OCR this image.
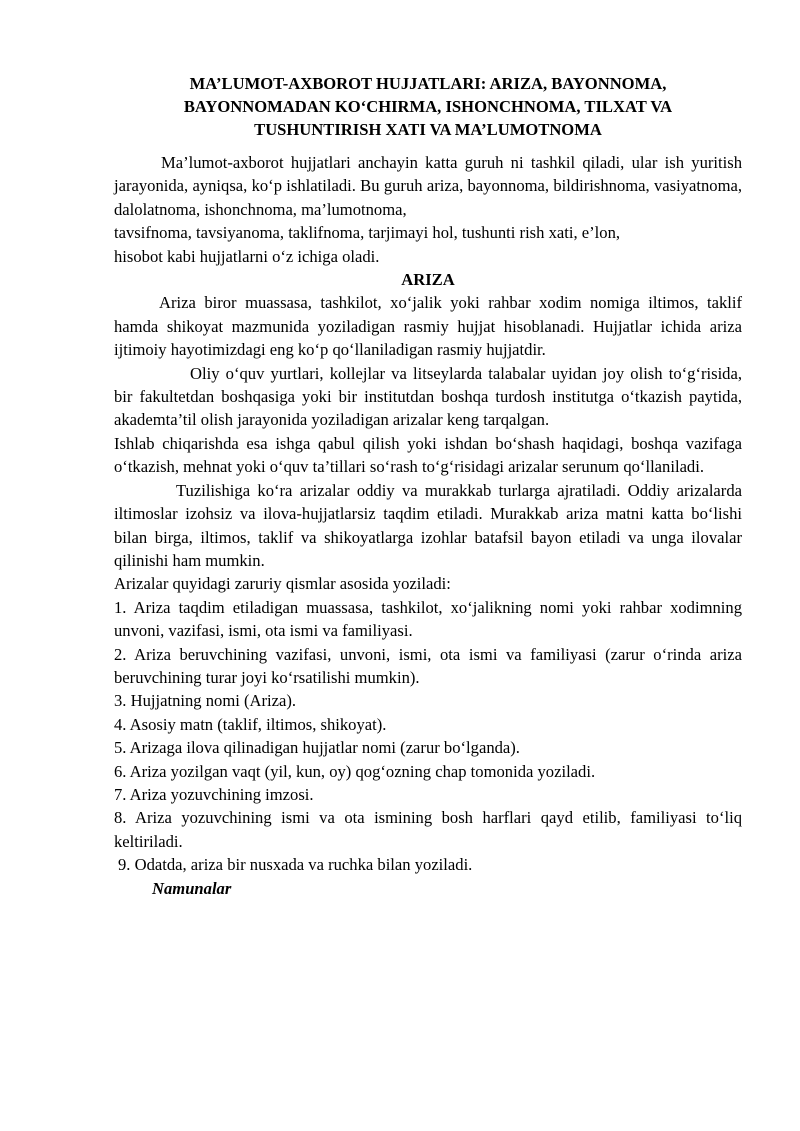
MA’LUMOT-AXBOROT HUJJATLARI: ARIZA, BAYONNOMA,
BAYONNOMADAN KO‘CHIRMA, ISHONCHNOMA, TILXAT VA
TUSHUNTIRISH XATI VA MA’LUMOTNOMA

Ma’lumot-axborot hujjatlari anchayin katta guruh ni tashkil qiladi, ular ish yuritish jarayonida, ayniqsa, ko‘p ishlatiladi. Bu guruh ariza, bayonnoma, bildirishnoma, vasiyatnoma, dalolatnoma, ishonchnoma, ma’lumotnoma,

tavsifnoma, tavsiyanoma, taklifnoma, tarjimayi hol, tushunti rish xati, e’lon,

hisobot kabi hujjatlarni o‘z ichiga oladi.

ARIZA

Ariza biror muassasa, tashkilot, xo‘jalik yoki rahbar xodim nomiga iltimos, taklif hamda shikoyat mazmunida yoziladigan rasmiy hujjat hisoblanadi. Hujjatlar ichida ariza ijtimoiy hayotimizdagi eng ko‘p qo‘llaniladigan rasmiy hujjatdir.

Oliy o‘quv yurtlari, kollejlar va litseylarda talabalar uyidan joy olish to‘g‘risida, bir fakultetdan boshqasiga yoki bir institutdan boshqa turdosh institutga o‘tkazish paytida, akademta’til olish jarayonida yoziladigan arizalar keng tarqalgan.

Ishlab chiqarishda esa ishga qabul qilish yoki ishdan bo‘shash haqidagi, boshqa vazifaga o‘tkazish, mehnat yoki o‘quv ta’tillari so‘rash to‘g‘risidagi arizalar serunum qo‘llaniladi.

Tuzilishiga ko‘ra arizalar oddiy va murakkab turlarga ajratiladi. Oddiy arizalarda iltimoslar izohsiz va ilova-hujjatlarsiz taqdim etiladi. Murakkab ariza matni katta bo‘lishi bilan birga, iltimos, taklif va shikoyatlarga izohlar batafsil bayon etiladi va unga ilovalar qilinishi ham mumkin.

Arizalar quyidagi zaruriy qismlar asosida yoziladi:

1. Ariza taqdim etiladigan muassasa, tashkilot, xo‘jalikning nomi yoki rahbar xodimning unvoni, vazifasi, ismi, ota ismi va familiyasi.

2. Ariza beruvchining vazifasi, unvoni, ismi, ota ismi va familiyasi (zarur o‘rinda ariza beruvchining turar joyi ko‘rsatilishi mumkin).

3. Hujjatning nomi (Ariza).

4. Asosiy matn (taklif, iltimos, shikoyat).

5. Arizaga ilova qilinadigan hujjatlar nomi (zarur bo‘lganda).

6. Ariza yozilgan vaqt (yil, kun, oy) qog‘ozning chap tomonida yoziladi.

7. Ariza yozuvchining imzosi.

8. Ariza yozuvchining ismi va ota ismining bosh harflari qayd etilib, familiyasi to‘liq keltiriladi.

9. Odatda, ariza bir nusxada va ruchka bilan yoziladi.

Namunalar
